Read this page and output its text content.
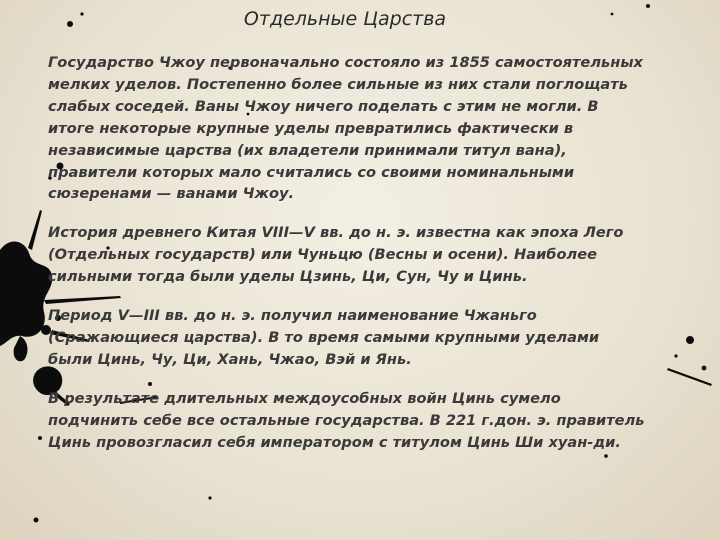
Отдельные Царства

Государство Чжоу первоначально состояло из 1855 самостоятельных мелких уделов. Постепенно более сильные из них стали поглощать слабых соседей. Ваны Чжоу ничего поделать с этим не могли. В итоге некоторые крупные уделы превратились фактически в независимые царства (их владетели принимали титул вана), правители которых мало считались со своими номинальными сюзеренами — ванами Чжоу.

История древнего Китая VIII—V вв. до н. э. известна как эпоха Лего (Отдельных государств) или Чуньцю (Весны и осени). Наиболее сильными тогда были уделы Цзинь, Ци, Сун, Чу и Цинь.

Период V—III вв. до н. э. получил наименование Чжаньго (Сражающиеся царства). В то время самыми крупными уделами были Цинь, Чу, Ци, Хань, Чжао, Вэй и Янь.

В результате длительных междоусобных войн Цинь сумело подчинить себе все остальные государства. В 221 г.дон. э. правитель Цинь провозгласил себя императором с титулом Цинь Ши хуан-ди.
